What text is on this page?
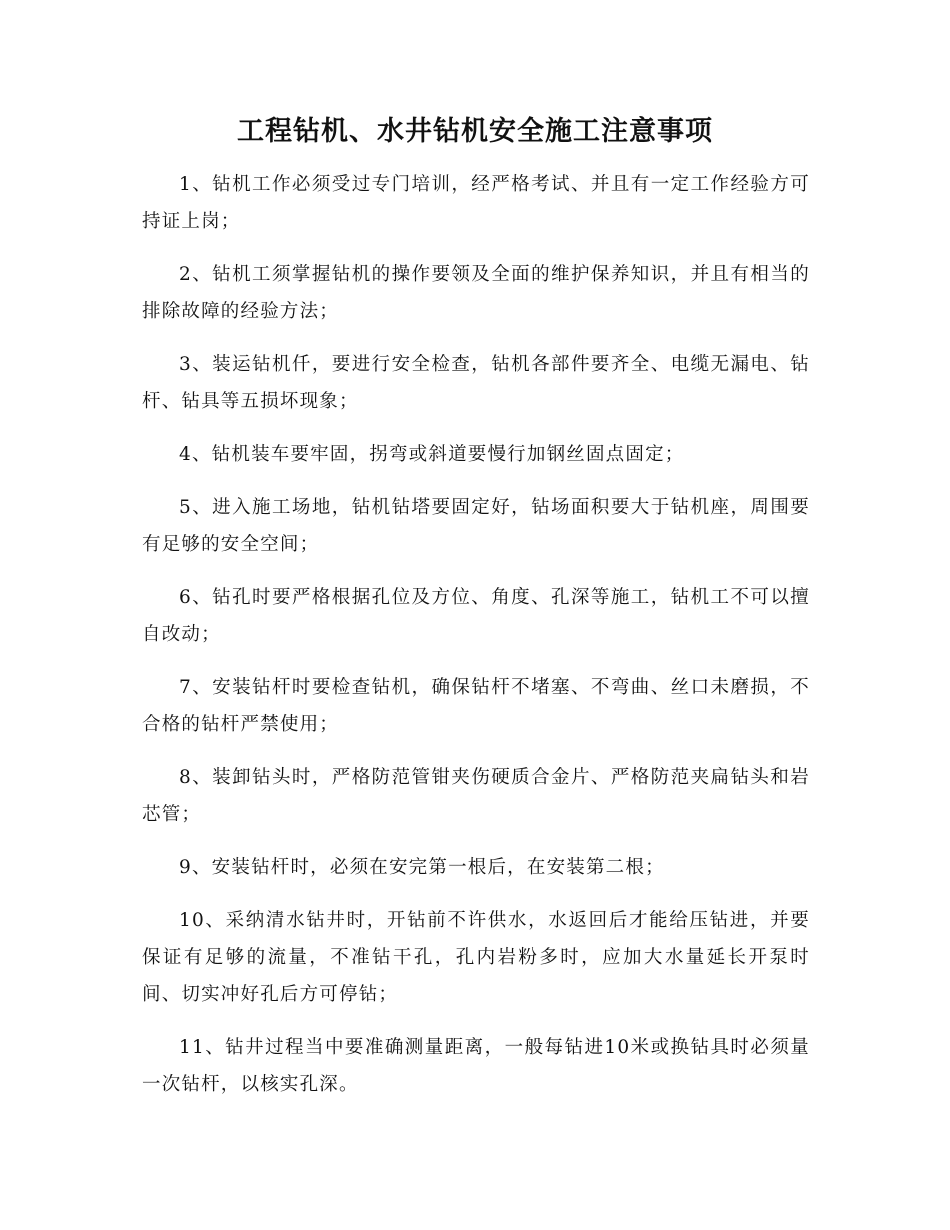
工程钻机、水井钻机安全施工注意事项

1、钻机工作必须受过专门培训，经严格考试、并且有一定工作经验方可持证上岗；

2、钻机工须掌握钻机的操作要领及全面的维护保养知识，并且有相当的排除故障的经验方法；

3、装运钻机仟，要进行安全检查，钻机各部件要齐全、电缆无漏电、钻杆、钻具等五损坏现象；

4、钻机装车要牢固，拐弯或斜道要慢行加钢丝固点固定；

5、进入施工场地，钻机钻塔要固定好，钻场面积要大于钻机座，周围要有足够的安全空间；

6、钻孔时要严格根据孔位及方位、角度、孔深等施工，钻机工不可以擅自改动；

7、安装钻杆时要检查钻机，确保钻杆不堵塞、不弯曲、丝口未磨损，不合格的钻杆严禁使用；

8、装卸钻头时，严格防范管钳夹伤硬质合金片、严格防范夹扁钻头和岩芯管；

9、安装钻杆时，必须在安完第一根后，在安装第二根；

10、采纳清水钻井时，开钻前不许供水，水返回后才能给压钻进，并要保证有足够的流量，不准钻干孔，孔内岩粉多时，应加大水量延长开泵时间、切实冲好孔后方可停钻；

11、钻井过程当中要准确测量距离，一般每钻进10米或换钻具时必须量一次钻杆，以核实孔深。
